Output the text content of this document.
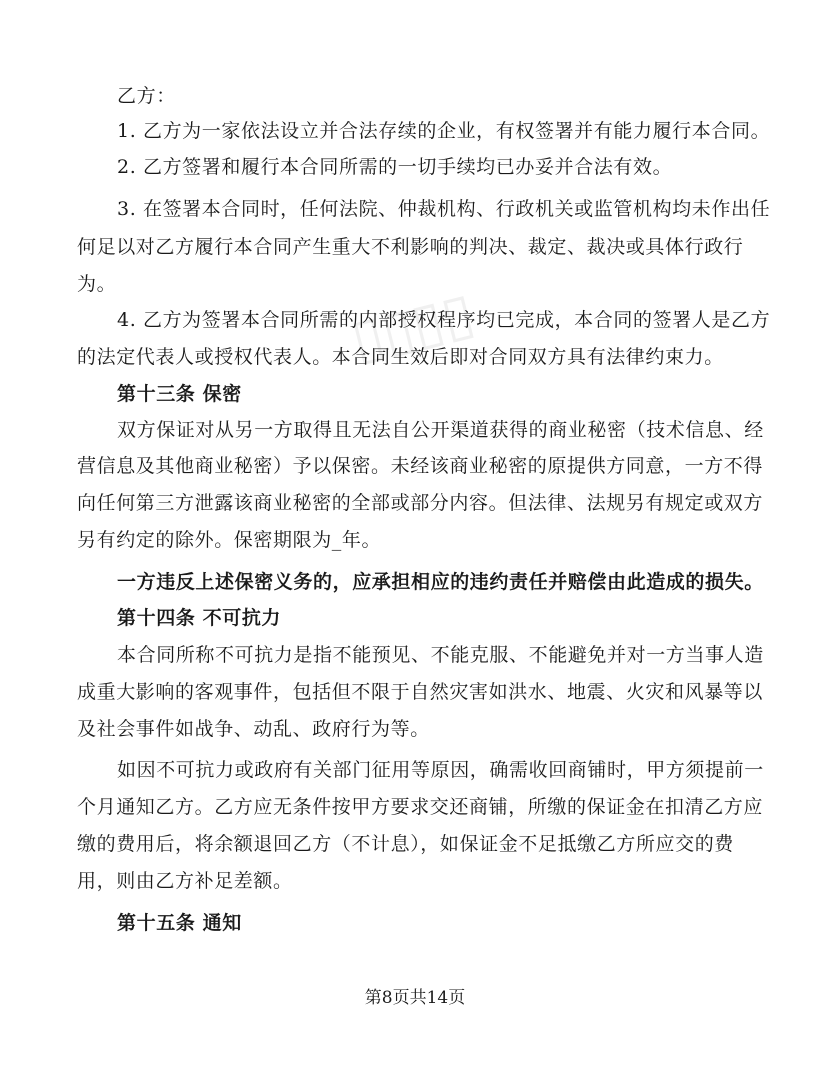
▯▯▯▯
乙方：
1. 乙方为一家依法设立并合法存续的企业，有权签署并有能力履行本合同。
2. 乙方签署和履行本合同所需的一切手续均已办妥并合法有效。
3. 在签署本合同时，任何法院、仲裁机构、行政机关或监管机构均未作出任
何足以对乙方履行本合同产生重大不利影响的判决、裁定、裁决或具体行政行
为。
4. 乙方为签署本合同所需的内部授权程序均已完成，本合同的签署人是乙方
的法定代表人或授权代表人。本合同生效后即对合同双方具有法律约束力。
第十三条 保密
双方保证对从另一方取得且无法自公开渠道获得的商业秘密（技术信息、经
营信息及其他商业秘密）予以保密。未经该商业秘密的原提供方同意，一方不得
向任何第三方泄露该商业秘密的全部或部分内容。但法律、法规另有规定或双方
另有约定的除外。保密期限为_年。
一方违反上述保密义务的，应承担相应的违约责任并赔偿由此造成的损失。
第十四条 不可抗力
本合同所称不可抗力是指不能预见、不能克服、不能避免并对一方当事人造
成重大影响的客观事件，包括但不限于自然灾害如洪水、地震、火灾和风暴等以
及社会事件如战争、动乱、政府行为等。
如因不可抗力或政府有关部门征用等原因，确需收回商铺时，甲方须提前一
个月通知乙方。乙方应无条件按甲方要求交还商铺，所缴的保证金在扣清乙方应
缴的费用后，将余额退回乙方（不计息），如保证金不足抵缴乙方所应交的费
用，则由乙方补足差额。
第十五条 通知
第8页共14页
